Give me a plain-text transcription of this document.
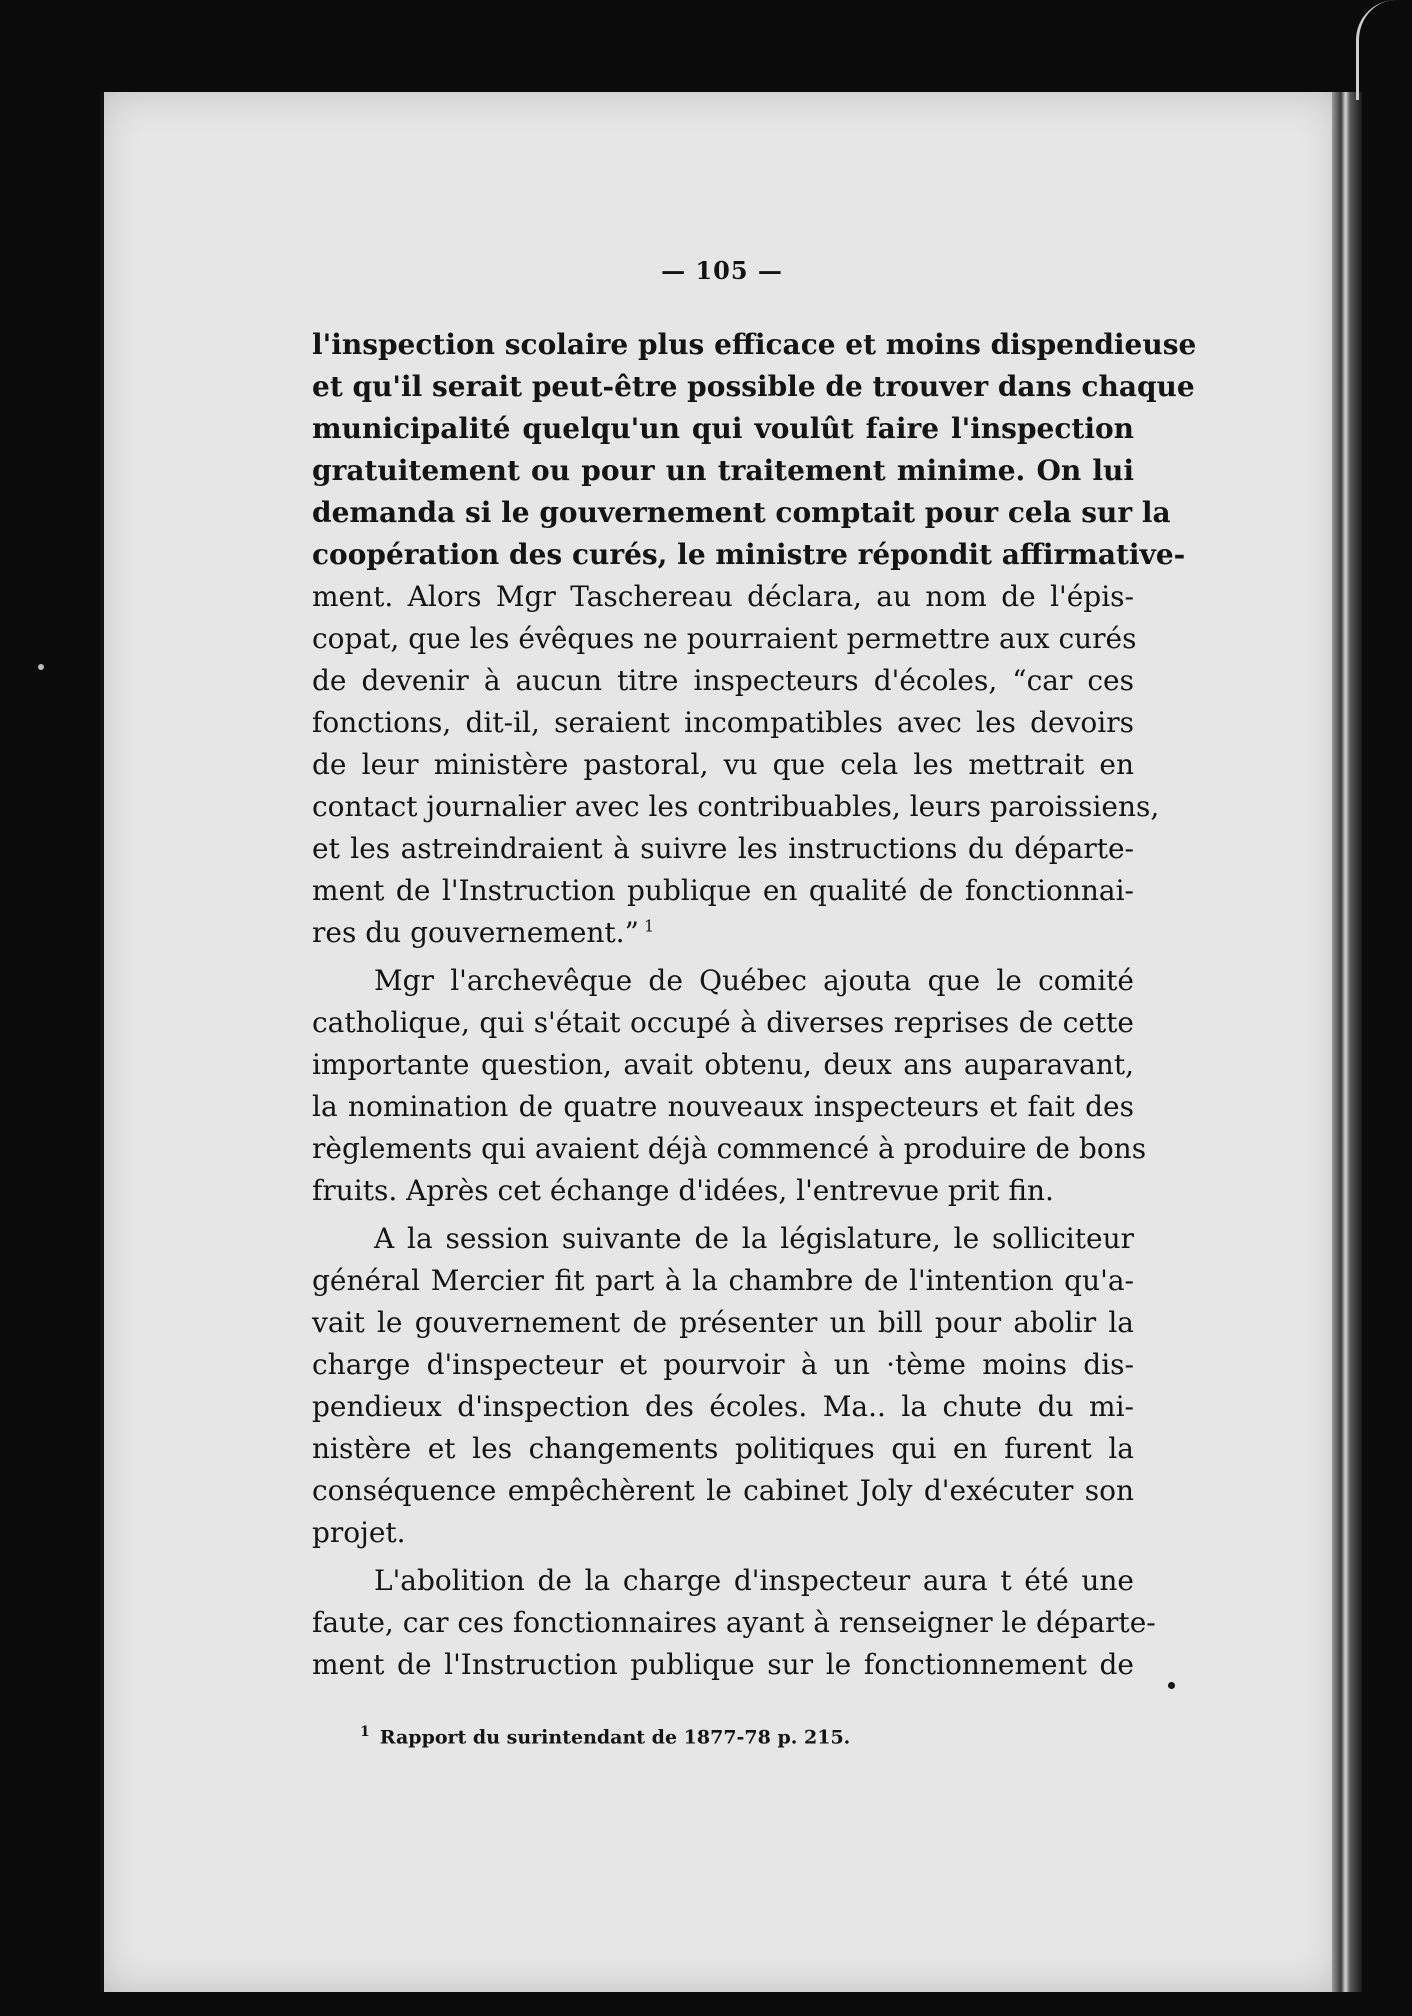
— 105 —
l'inspection scolaire plus efficace et moins dispendieuse
et qu'il serait peut-être possible de trouver dans chaque
municipalité quelqu'un qui voulût faire l'inspection
gratuitement ou pour un traitement minime. On lui
demanda si le gouvernement comptait pour cela sur la
coopération des curés, le ministre répondit affirmative-
ment. Alors Mgr Taschereau déclara, au nom de l'épis-
copat, que les évêques ne pourraient permettre aux curés
de devenir à aucun titre inspecteurs d'écoles, “car ces
fonctions, dit-il, seraient incompatibles avec les devoirs
de leur ministère pastoral, vu que cela les mettrait en
contact journalier avec les contribuables, leurs paroissiens,
et les astreindraient à suivre les instructions du départe-
ment de l'Instruction publique en qualité de fonctionnai-
res du gouvernement.” $^1$
Mgr l'archevêque de Québec ajouta que le comité
catholique, qui s'était occupé à diverses reprises de cette
importante question, avait obtenu, deux ans auparavant,
la nomination de quatre nouveaux inspecteurs et fait des
règlements qui avaient déjà commencé à produire de bons
fruits. Après cet échange d'idées, l'entrevue prit fin.
A la session suivante de la législature, le solliciteur
général Mercier fit part à la chambre de l'intention qu'a-
vait le gouvernement de présenter un bill pour abolir la
charge d'inspecteur et pourvoir à un ·tème moins dis-
pendieux d'inspection des écoles. Ma.. la chute du mi-
nistère et les changements politiques qui en furent la
conséquence empêchèrent le cabinet Joly d'exécuter son
projet.
L'abolition de la charge d'inspecteur aura t été une
faute, car ces fonctionnaires ayant à renseigner le départe-
ment de l'Instruction publique sur le fonctionnement de
$^1$ Rapport du surintendant de 1877-78 p. 215.
